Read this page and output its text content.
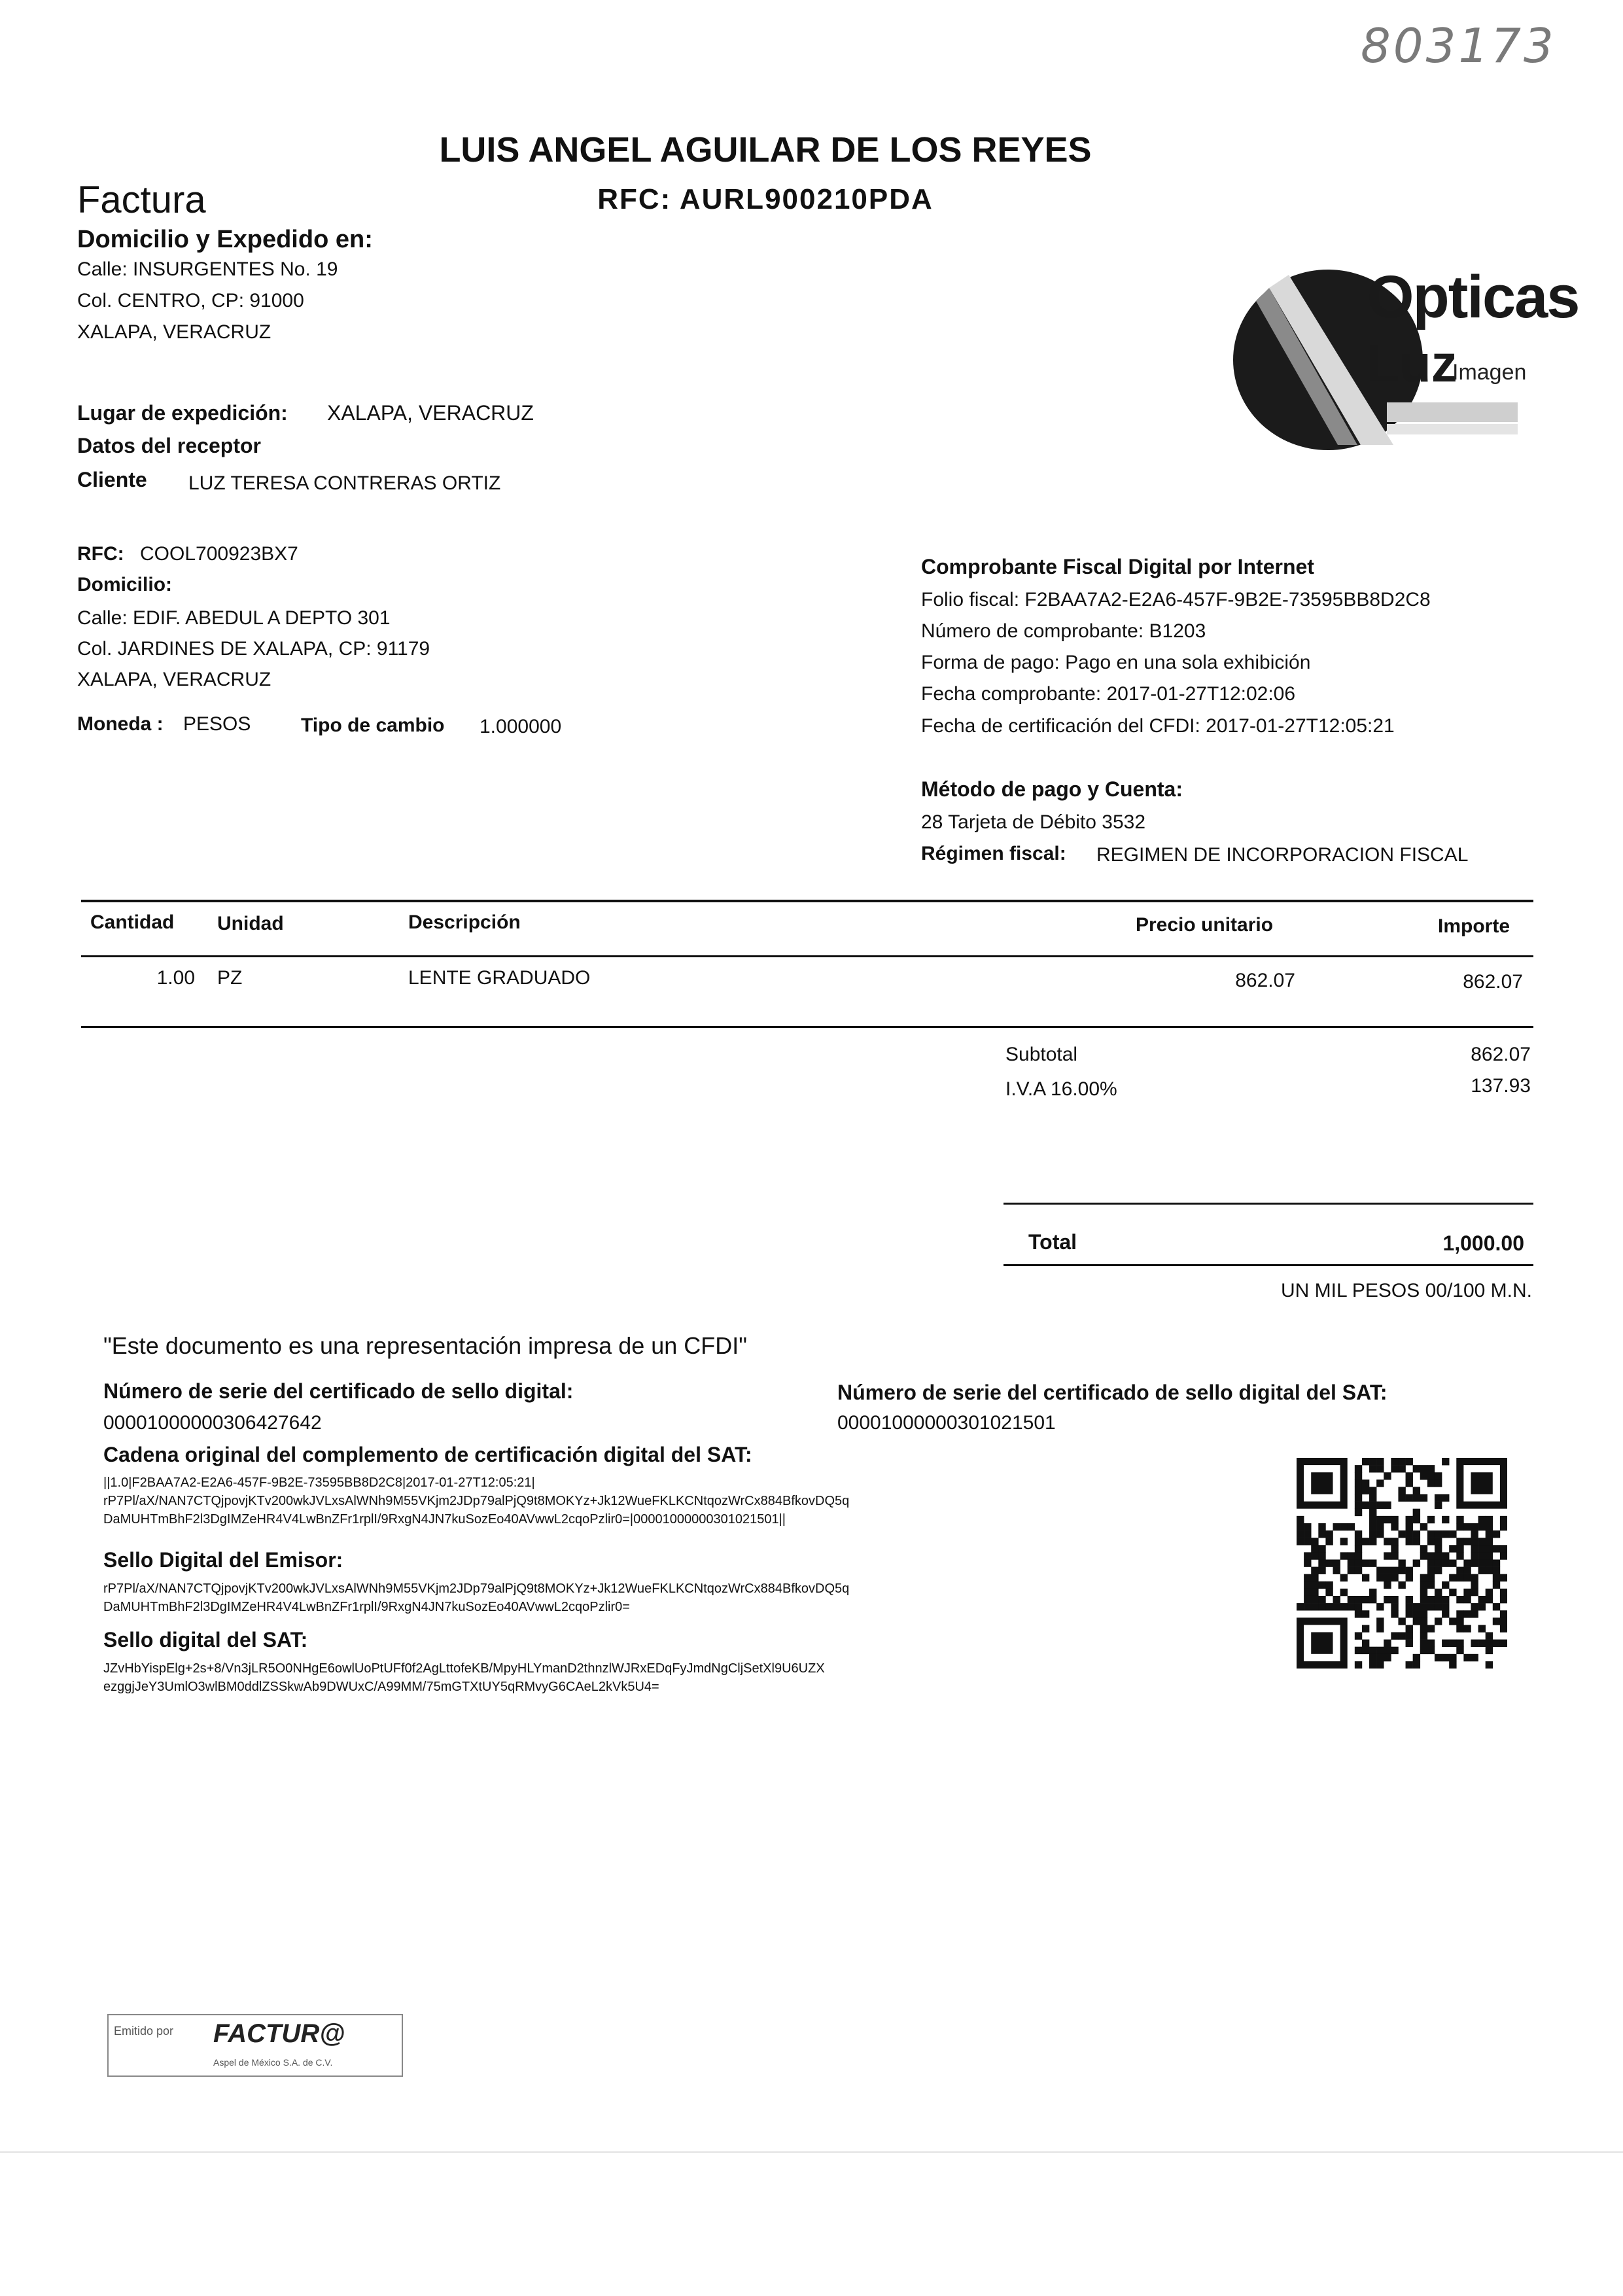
803173
LUIS ANGEL AGUILAR DE LOS REYES
RFC: AURL900210PDA
Factura
Domicilio y Expedido en:
Calle: INSURGENTES No. 19
Col. CENTRO, CP: 91000
XALAPA, VERACRUZ
Opticas
Luz
Imagen
Lugar de expedición: XALAPA, VERACRUZ
Datos del receptor
Cliente LUZ TERESA CONTRERAS ORTIZ
RFC: COOL700923BX7
Domicilio:
Calle: EDIF. ABEDUL A DEPTO 301
Col. JARDINES DE XALAPA, CP: 91179
XALAPA, VERACRUZ
Moneda : PESOS	Tipo de cambio 1.000000
Comprobante Fiscal Digital por Internet
Folio fiscal: F2BAA7A2-E2A6-457F-9B2E-73595BB8D2C8
Número de comprobante: B1203
Forma de pago: Pago en una sola exhibición
Fecha comprobante: 2017-01-27T12:02:06
Fecha de certificación del CFDI: 2017-01-27T12:05:21
Método de pago y Cuenta:
28 Tarjeta de Débito 3532
Régimen fiscal: REGIMEN DE INCORPORACION FISCAL
Cantidad Unidad	Descripción	Precio unitario	Importe
1.00 PZ	LENTE GRADUADO	862.07	862.07
Subtotal	862.07
I.V.A 16.00%	137.93
Total	1,000.00
UN MIL PESOS 00/100 M.N.
"Este documento es una representación impresa de un CFDI"
Número de serie del certificado de sello digital:
00001000000306427642
Número de serie del certificado de sello digital del SAT:
00001000000301021501
Cadena original del complemento de certificación digital del SAT:
||1.0|F2BAA7A2-E2A6-457F-9B2E-73595BB8D2C8|2017-01-27T12:05:21|
rP7Pl/aX/NAN7CTQjpovjKTv200wkJVLxsAlWNh9M55VKjm2JDp79alPjQ9t8MOKYz+Jk12WueFKLKCNtqozWrCx884BfkovDQ5q
DaMUHTmBhF2l3DgIMZeHR4V4LwBnZFr1rplI/9RxgN4JN7kuSozEo40AVwwL2cqoPzlir0=|00001000000301021501||
Sello Digital del Emisor:
rP7Pl/aX/NAN7CTQjpovjKTv200wkJVLxsAlWNh9M55VKjm2JDp79alPjQ9t8MOKYz+Jk12WueFKLKCNtqozWrCx884BfkovDQ5q
DaMUHTmBhF2l3DgIMZeHR4V4LwBnZFr1rplI/9RxgN4JN7kuSozEo40AVwwL2cqoPzlir0=
Sello digital del SAT:
JZvHbYispElg+2s+8/Vn3jLR5O0NHgE6owlUoPtUFf0f2AgLttofeKB/MpyHLYmanD2thnzlWJRxEDqFyJmdNgCljSetXl9U6UZX
ezggjJeY3UmlO3wlBM0ddlZSSkwAb9DWUxC/A99MM/75mGTXtUY5qRMvyG6CAeL2kVk5U4=
Emitido por FACTUR@
Aspel de México S.A. de C.V.
